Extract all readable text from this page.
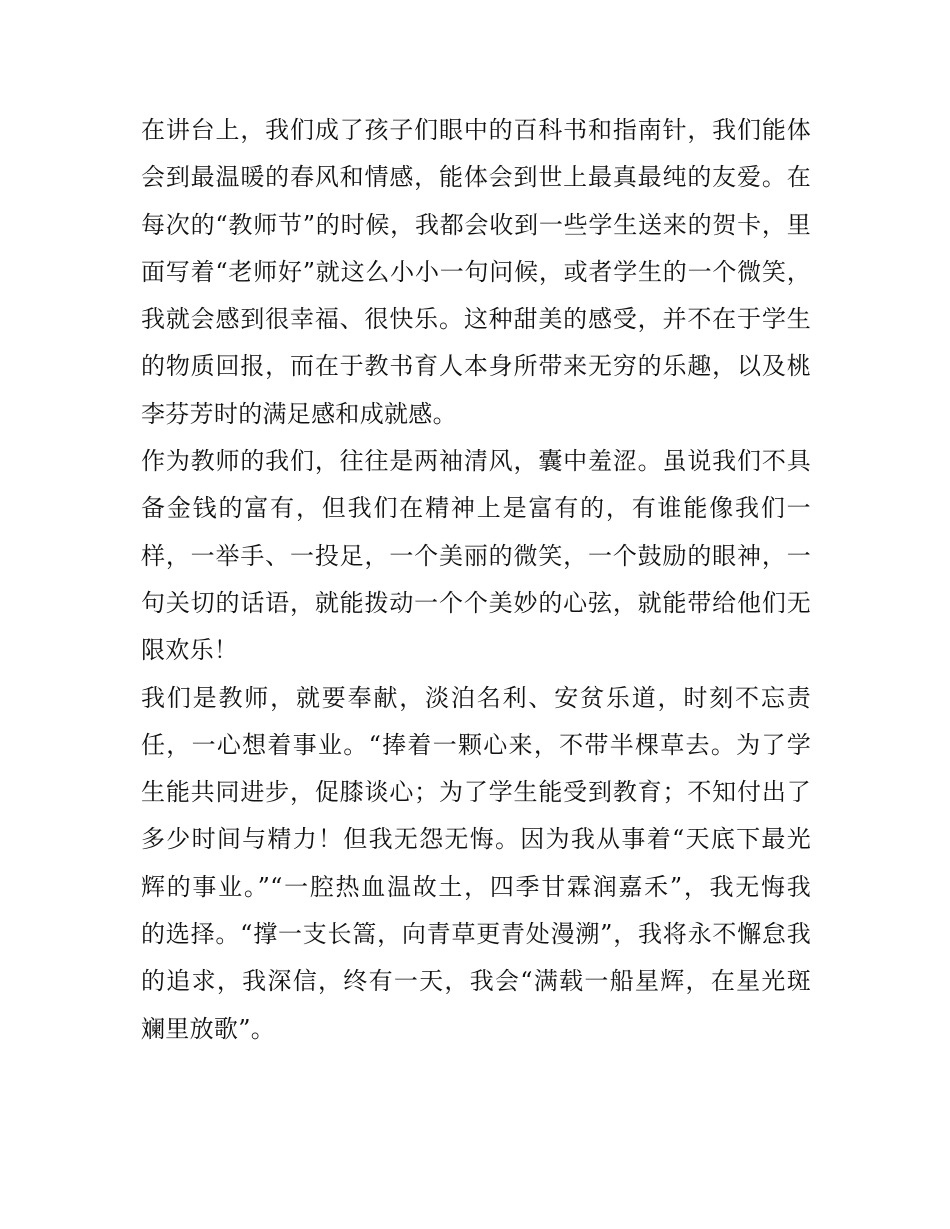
在讲台上，我们成了孩子们眼中的百科书和指南针，我们能体
会到最温暖的春风和情感，能体会到世上最真最纯的友爱。在
每次的“教师节”的时候，我都会收到一些学生送来的贺卡，里
面写着“老师好”就这么小小一句问候，或者学生的一个微笑，
我就会感到很幸福、很快乐。这种甜美的感受，并不在于学生
的物质回报，而在于教书育人本身所带来无穷的乐趣，以及桃
李芬芳时的满足感和成就感。
作为教师的我们，往往是两袖清风，囊中羞涩。虽说我们不具
备金钱的富有，但我们在精神上是富有的，有谁能像我们一
样，一举手、一投足，一个美丽的微笑，一个鼓励的眼神，一
句关切的话语，就能拨动一个个美妙的心弦，就能带给他们无
限欢乐！
我们是教师，就要奉献，淡泊名利、安贫乐道，时刻不忘责
任，一心想着事业。“捧着一颗心来，不带半棵草去。为了学
生能共同进步，促膝谈心；为了学生能受到教育；不知付出了
多少时间与精力！但我无怨无悔。因为我从事着“天底下最光
辉的事业。”“一腔热血温故土，四季甘霖润嘉禾”，我无悔我
的选择。“撑一支长篙，向青草更青处漫溯”，我将永不懈怠我
的追求，我深信，终有一天，我会“满载一船星辉，在星光斑
斓里放歌”。
